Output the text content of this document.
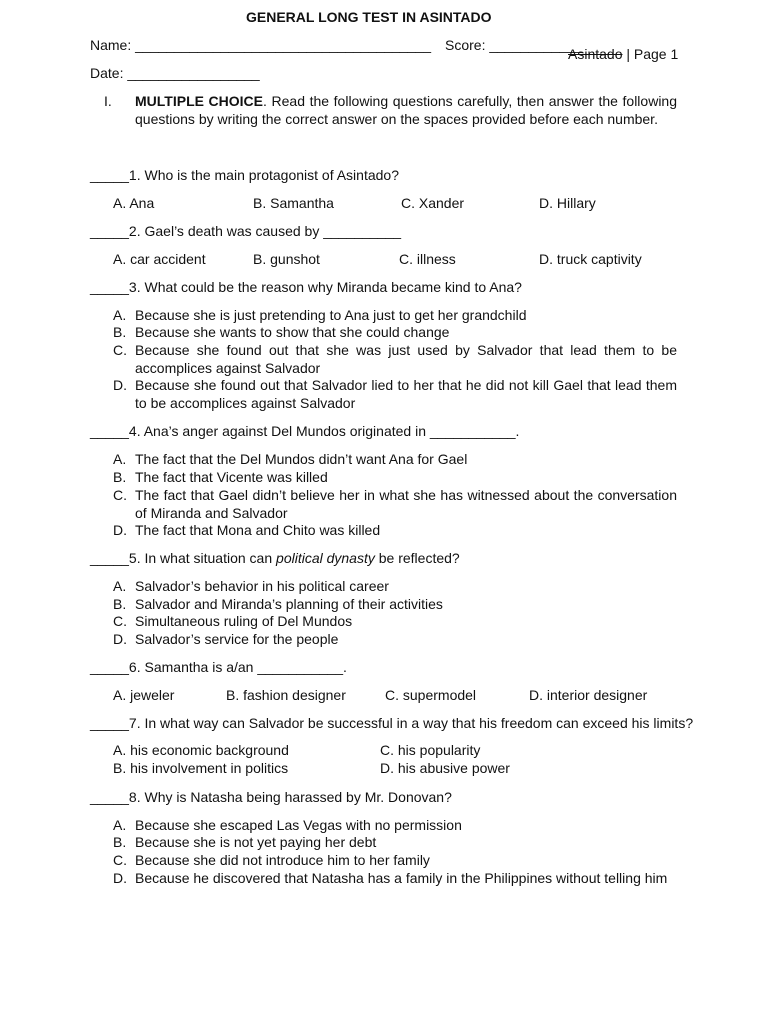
GENERAL LONG TEST IN ASINTADO
Name: ______________________________________ Score: ____________
Asintado | Page 1
Date: _________________
I. MULTIPLE CHOICE. Read the following questions carefully, then answer the following questions by writing the correct answer on the spaces provided before each number.
_____1. Who is the main protagonist of Asintado?
A. Ana	B. Samantha	C. Xander	D. Hillary
_____2. Gael’s death was caused by __________
A. car accident	B. gunshot	C. illness	D. truck captivity
_____3. What could be the reason why Miranda became kind to Ana?
A. Because she is just pretending to Ana just to get her grandchild
B. Because she wants to show that she could change
C. Because she found out that she was just used by Salvador that lead them to be accomplices against Salvador
D. Because she found out that Salvador lied to her that he did not kill Gael that lead them to be accomplices against Salvador
_____4. Ana’s anger against Del Mundos originated in ___________.
A. The fact that the Del Mundos didn’t want Ana for Gael
B. The fact that Vicente was killed
C. The fact that Gael didn’t believe her in what she has witnessed about the conversation of Miranda and Salvador
D. The fact that Mona and Chito was killed
_____5. In what situation can political dynasty be reflected?
A. Salvador’s behavior in his political career
B. Salvador and Miranda’s planning of their activities
C. Simultaneous ruling of Del Mundos
D. Salvador’s service for the people
_____6. Samantha is a/an ___________.
A. jeweler	B. fashion designer	C. supermodel	D. interior designer
_____7. In what way can Salvador be successful in a way that his freedom can exceed his limits?
A. his economic background	C. his popularity
B. his involvement in politics	D. his abusive power
_____8. Why is Natasha being harassed by Mr. Donovan?
A. Because she escaped Las Vegas with no permission
B. Because she is not yet paying her debt
C. Because she did not introduce him to her family
D. Because he discovered that Natasha has a family in the Philippines without telling him
